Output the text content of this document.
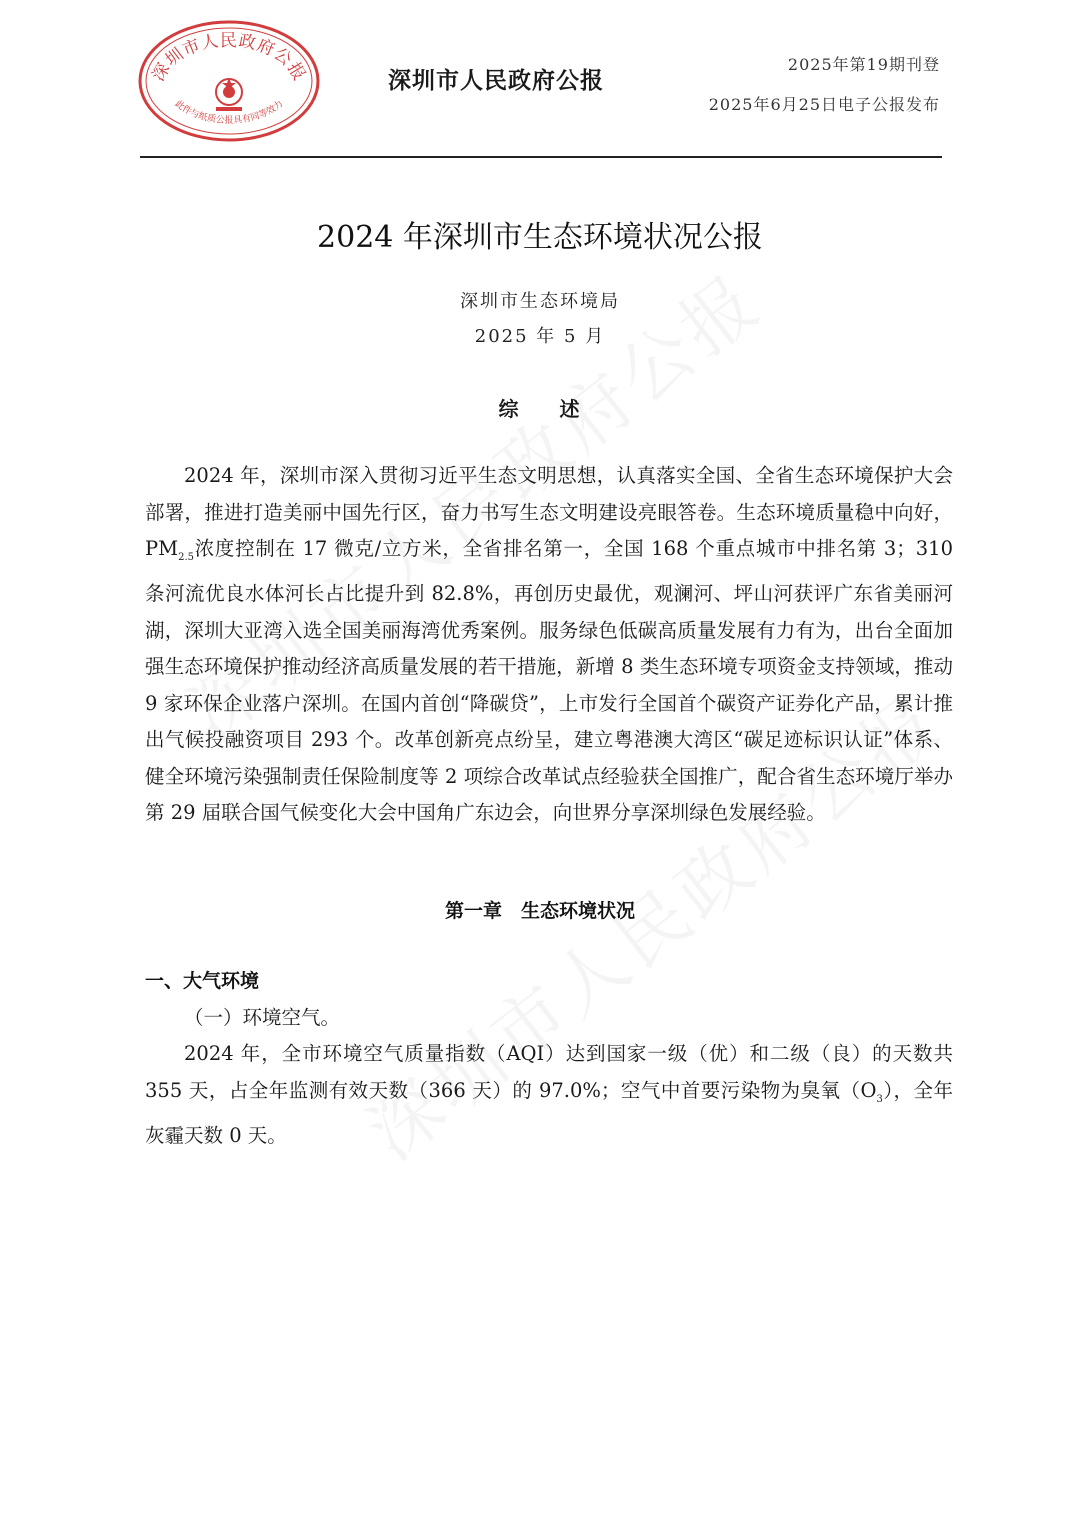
深圳市人民政府公报
此件与纸质公报具有同等效力
深圳市人民政府公报
2025年第19期刊登
2025年6月25日电子公报发布
2024 年深圳市生态环境状况公报
深圳市生态环境局
2025 年 5 月
综 述

2024 年，深圳市深入贯彻习近平生态文明思想，认真落实全国、全省生态环境保护大会部署，推进打造美丽中国先行区，奋力书写生态文明建设亮眼答卷。生态环境质量稳中向好，$PM_{2.5}$浓度控制在 17 微克/立方米，全省排名第一，全国 168 个重点城市中排名第 3；310 条河流优良水体河长占比提升到 82.8%，再创历史最优，观澜河、坪山河获评广东省美丽河湖，深圳大亚湾入选全国美丽海湾优秀案例。服务绿色低碳高质量发展有力有为，出台全面加强生态环境保护推动经济高质量发展的若干措施，新增 8 类生态环境专项资金支持领域，推动 9 家环保企业落户深圳。在国内首创“降碳贷”，上市发行全国首个碳资产证券化产品，累计推出气候投融资项目 293 个。改革创新亮点纷呈，建立粤港澳大湾区“碳足迹标识认证”体系、健全环境污染强制责任保险制度等 2 项综合改革试点经验获全国推广，配合省生态环境厅举办第 29 届联合国气候变化大会中国角广东边会，向世界分享深圳绿色发展经验。

第一章　生态环境状况
一、大气环境
（一）环境空气。

2024 年，全市环境空气质量指数（AQI）达到国家一级（优）和二级（良）的天数共 355 天，占全年监测有效天数（366 天）的 97.0%；空气中首要污染物为臭氧$(O_3)$，全年灰霾天数 0 天。
